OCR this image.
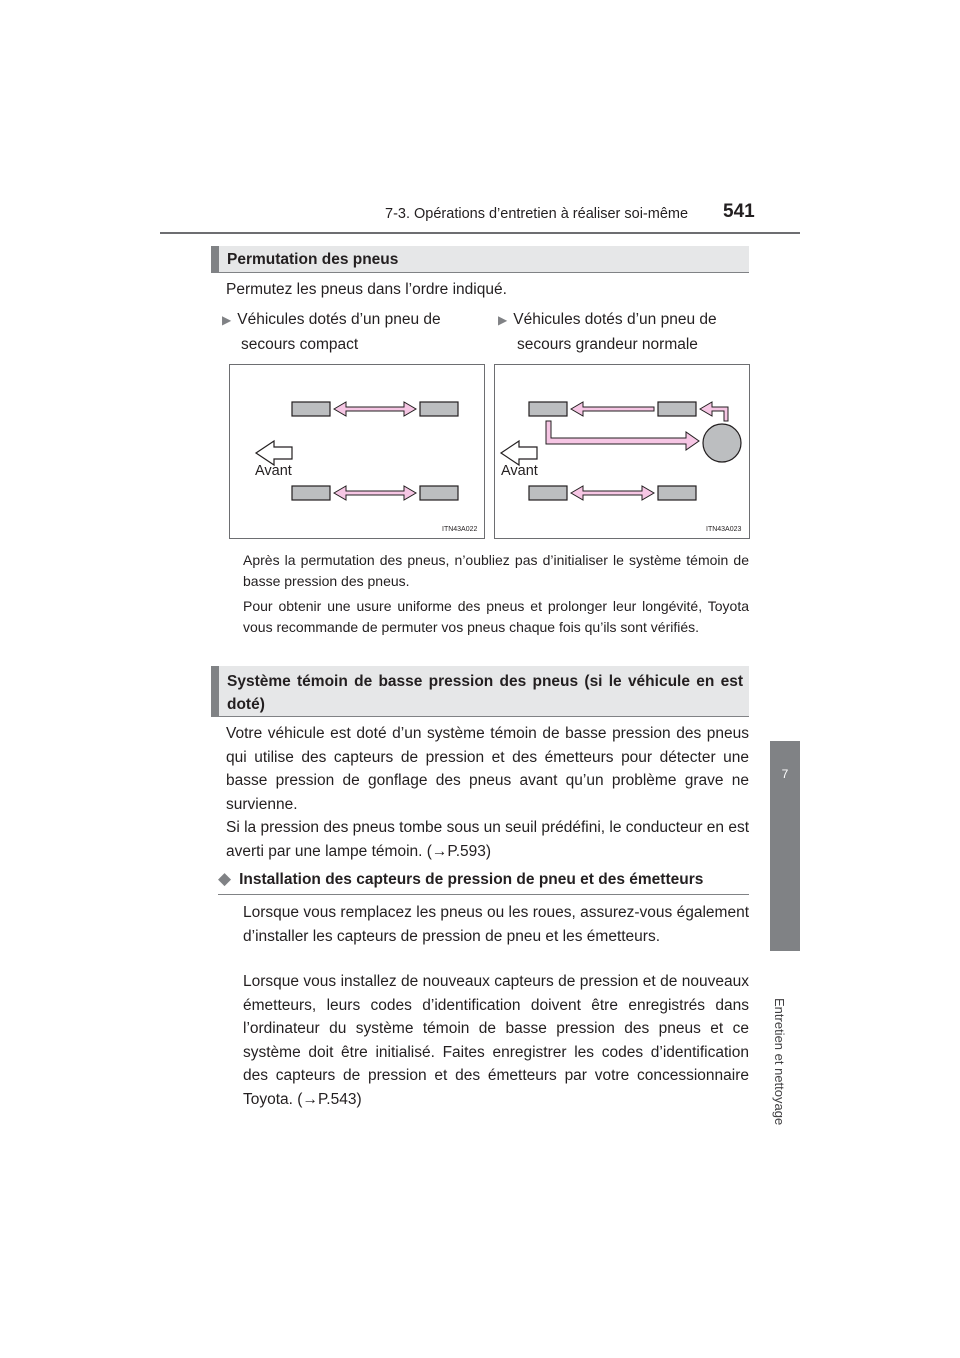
7-3. Opérations d’entretien à réaliser soi-même 541
7
Entretien et nettoyage
Permutation des pneus
Permutez les pneus dans l’ordre indiqué.
▶ Véhicules dotés d’un pneu de
secours compact
▶ Véhicules dotés d’un pneu de
secours grandeur normale
Avant
ITN43A022
Avant
ITN43A023
Après la permutation des pneus, n’oubliez pas d’initialiser le système témoin de basse pression des pneus.
Pour obtenir une usure uniforme des pneus et prolonger leur longévité, Toyota vous recommande de permuter vos pneus chaque fois qu’ils sont vérifiés.
Système témoin de basse pression des pneus (si le véhicule en est doté)
Votre véhicule est doté d’un système témoin de basse pression des pneus qui utilise des capteurs de pression et des émetteurs pour détecter une basse pression de gonflage des pneus avant qu’un problème grave ne survienne.
Si la pression des pneus tombe sous un seuil prédéfini, le conducteur en est averti par une lampe témoin. (→P.593)
◆ Installation des capteurs de pression de pneu et des émetteurs
Lorsque vous remplacez les pneus ou les roues, assurez-vous également d’installer les capteurs de pression de pneu et les émetteurs.
Lorsque vous installez de nouveaux capteurs de pression et de nouveaux émetteurs, leurs codes d’identification doivent être enregistrés dans l’ordinateur du système témoin de basse pression des pneus et ce système doit être initialisé. Faites enregistrer les codes d’identification des capteurs de pression et des émetteurs par votre concessionnaire Toyota. (→P.543)
